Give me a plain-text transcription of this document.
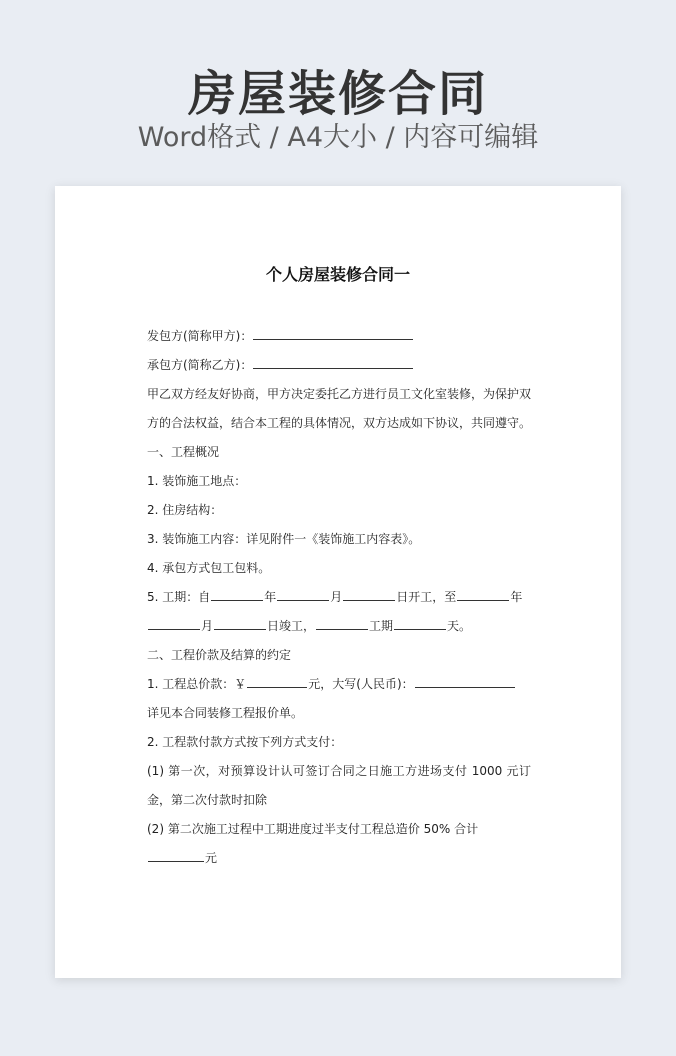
房屋装修合同
Word格式 / A4大小 / 内容可编辑
个人房屋装修合同一
发包方(简称甲方)：
承包方(简称乙方)：
甲乙双方经友好协商，甲方决定委托乙方进行员工文化室装修，为保护双方的合法权益，结合本工程的具体情况，双方达成如下协议，共同遵守。
一、工程概况
1. 装饰施工地点：
2. 住房结构：
3. 装饰施工内容：详见附件一《装饰施工内容表》。
4. 承包方式包工包料。
5. 工期：自	年	月	日开工，至	年
月	日竣工，	工期	天。
二、工程价款及结算的约定
1. 工程总价款：￥	元，大写(人民币)：
详见本合同装修工程报价单。
2. 工程款付款方式按下列方式支付：
(1) 第一次，对预算设计认可签订合同之日施工方进场支付 1000 元订金，第二次付款时扣除
(2) 第二次施工过程中工期进度过半支付工程总造价 50% 合计
元
